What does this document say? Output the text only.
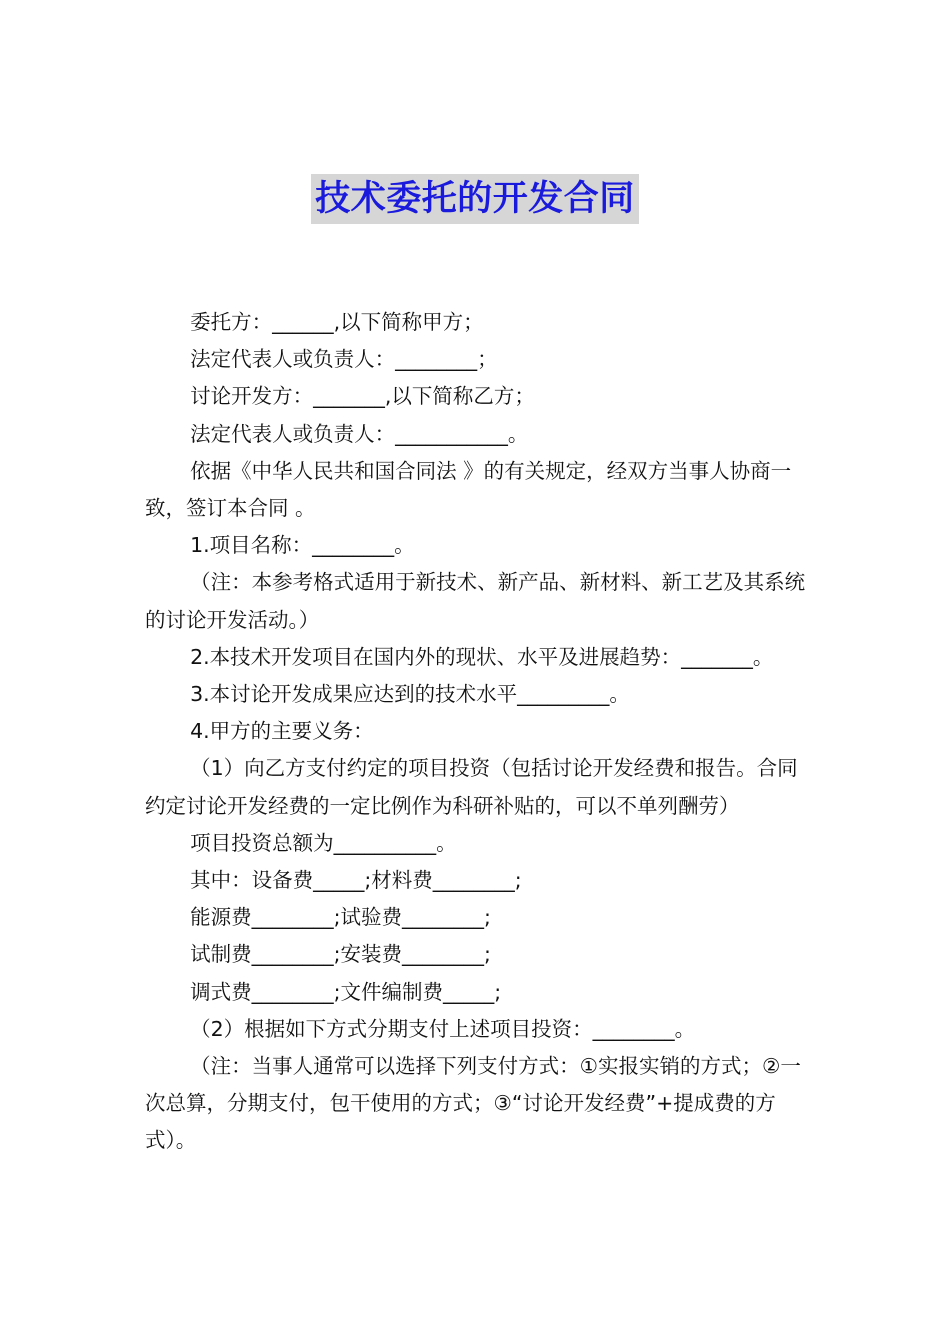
技术委托的开发合同

委托方：______,以下简称甲方；

法定代表人或负责人：________；

讨论开发方：_______,以下简称乙方；

法定代表人或负责人：___________。

依据《中华人民共和国合同法 》的有关规定，经双方当事人协商一致，签订本合同 。

1.项目名称：________。

（注：本参考格式适用于新技术、新产品、新材料、新工艺及其系统的讨论开发活动。）

2.本技术开发项目在国内外的现状、水平及进展趋势：_______。

3.本讨论开发成果应达到的技术水平_________。

4.甲方的主要义务：

（1）向乙方支付约定的项目投资（包括讨论开发经费和报告。合同约定讨论开发经费的一定比例作为科研补贴的，可以不单列酬劳）

项目投资总额为__________。

其中：设备费_____;材料费________;

能源费________;试验费________;

试制费________;安装费________;

调式费________;文件编制费_____;

（2）根据如下方式分期支付上述项目投资：________。

（注：当事人通常可以选择下列支付方式：①实报实销的方式；②一次总算，分期支付，包干使用的方式；③“讨论开发经费”+提成费的方式）。
